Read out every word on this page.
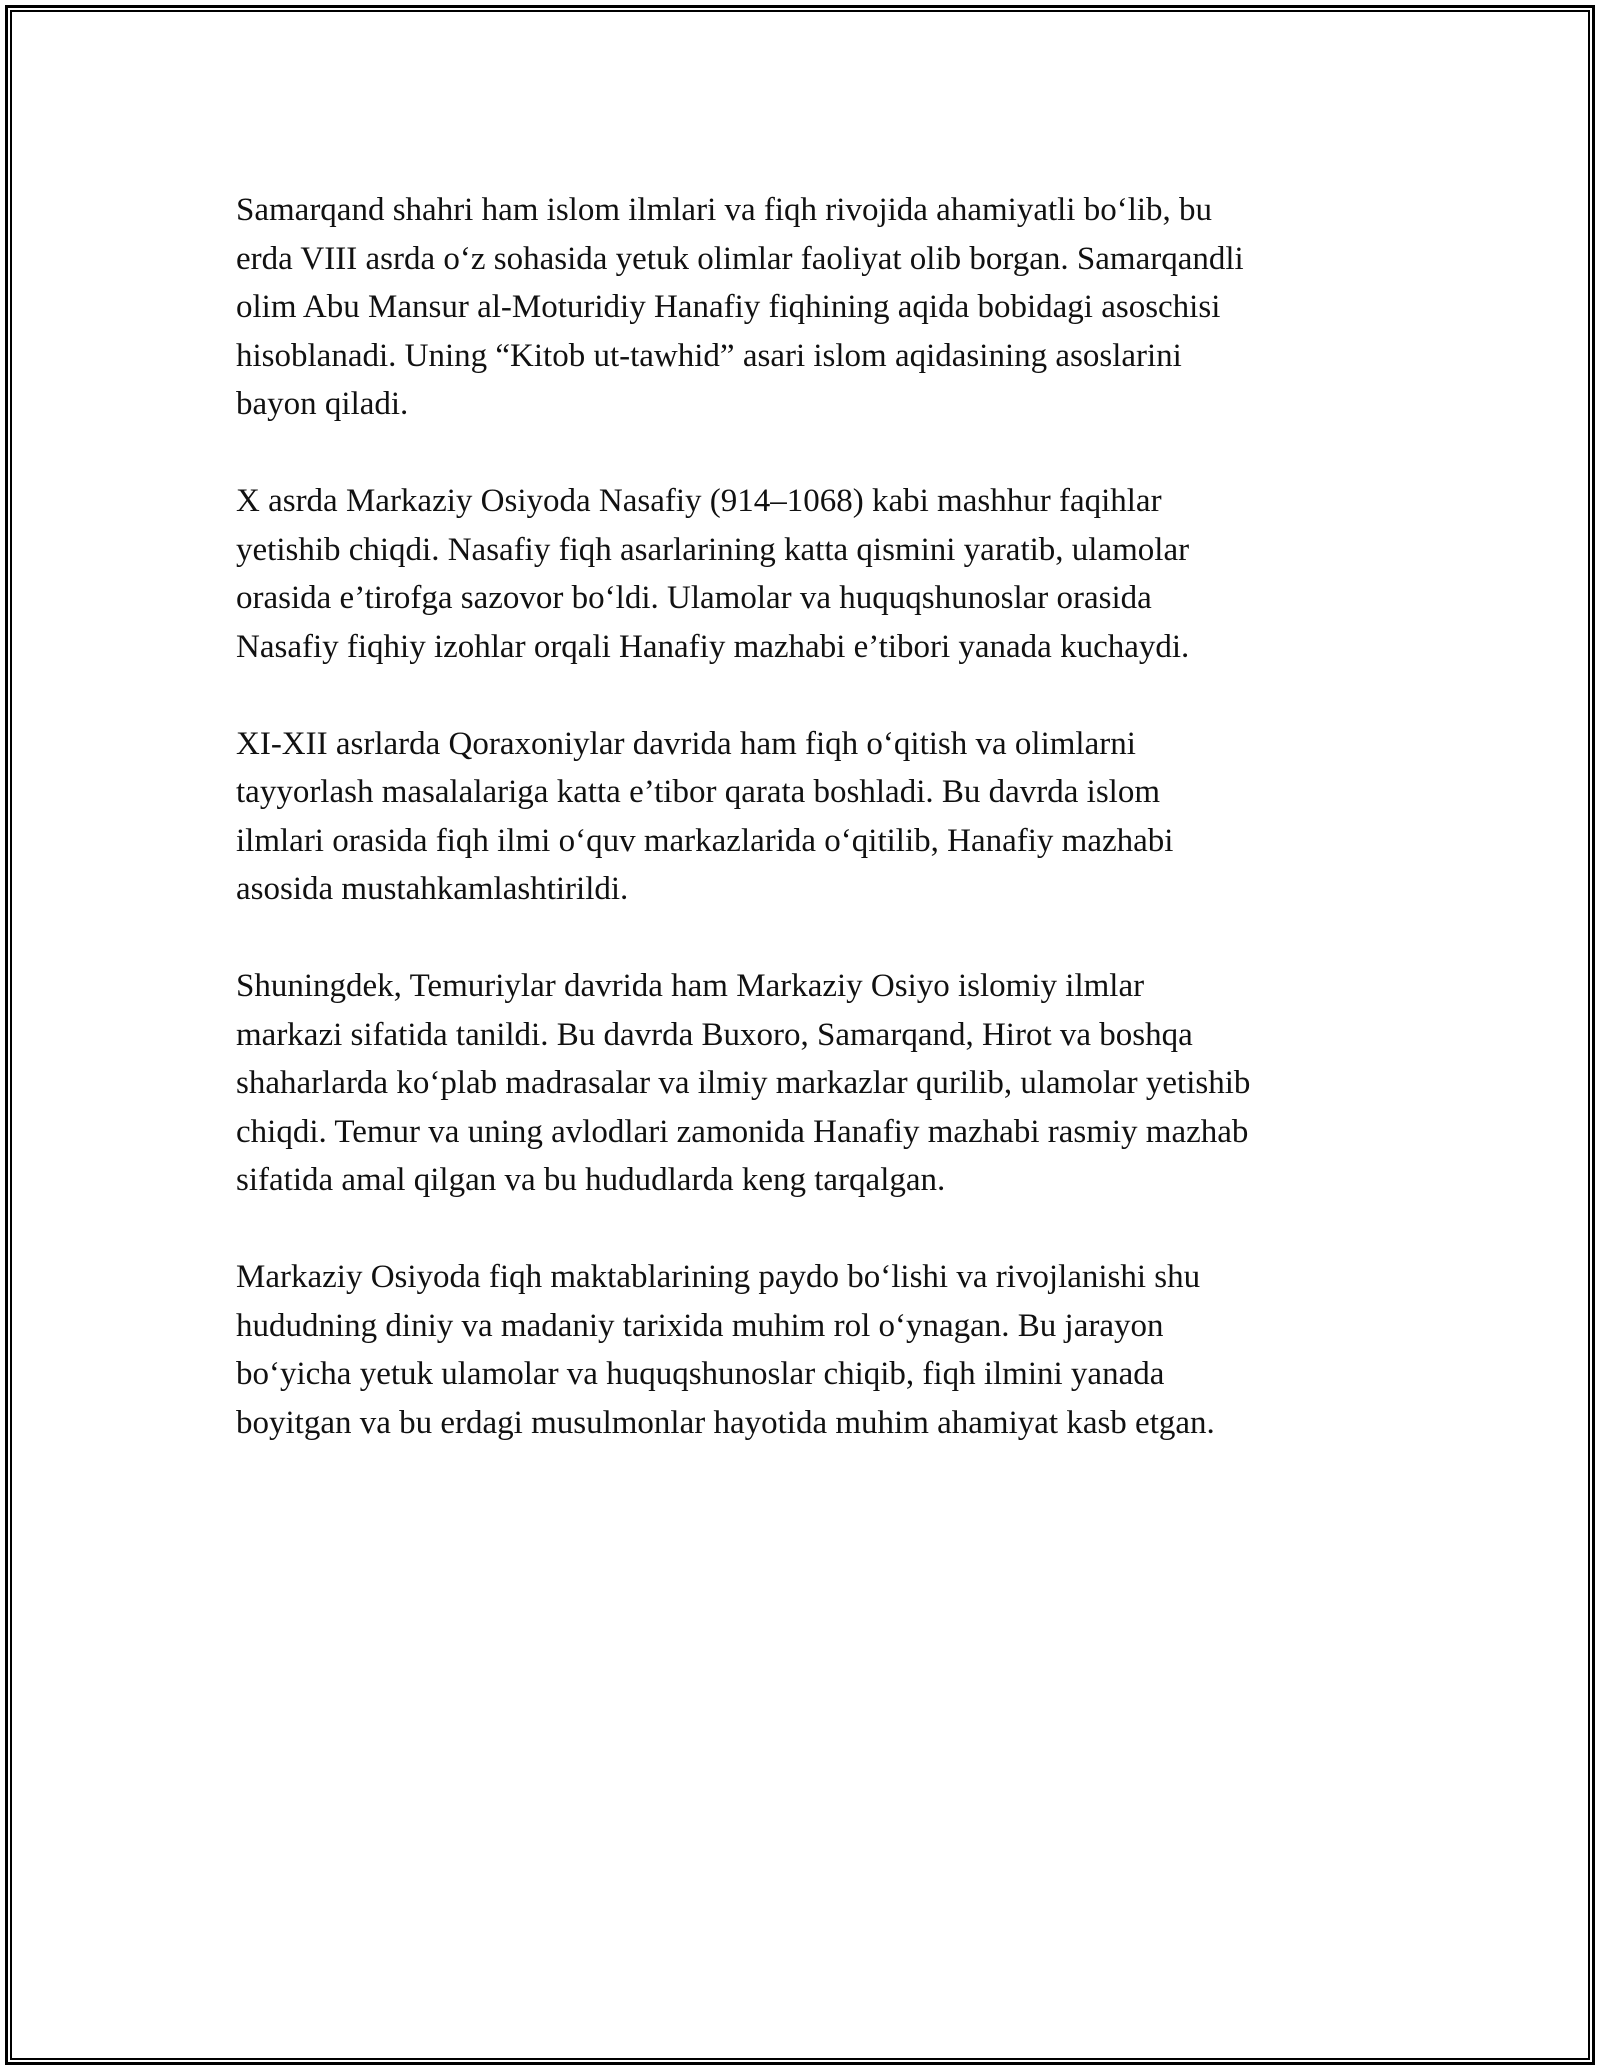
Samarqand shahri ham islom ilmlari va fiqh rivojida ahamiyatli bo‘lib, bu
erda VIII asrda o‘z sohasida yetuk olimlar faoliyat olib borgan. Samarqandli
olim Abu Mansur al-Moturidiy Hanafiy fiqhining aqida bobidagi asoschisi
hisoblanadi. Uning “Kitob ut-tawhid” asari islom aqidasining asoslarini
bayon qiladi.

X asrda Markaziy Osiyoda Nasafiy (914–1068) kabi mashhur faqihlar
yetishib chiqdi. Nasafiy fiqh asarlarining katta qismini yaratib, ulamolar
orasida e’tirofga sazovor bo‘ldi. Ulamolar va huquqshunoslar orasida
Nasafiy fiqhiy izohlar orqali Hanafiy mazhabi e’tibori yanada kuchaydi.

XI-XII asrlarda Qoraxoniylar davrida ham fiqh o‘qitish va olimlarni
tayyorlash masalalariga katta e’tibor qarata boshladi. Bu davrda islom
ilmlari orasida fiqh ilmi o‘quv markazlarida o‘qitilib, Hanafiy mazhabi
asosida mustahkamlashtirildi.

Shuningdek, Temuriylar davrida ham Markaziy Osiyo islomiy ilmlar
markazi sifatida tanildi. Bu davrda Buxoro, Samarqand, Hirot va boshqa
shaharlarda ko‘plab madrasalar va ilmiy markazlar qurilib, ulamolar yetishib
chiqdi. Temur va uning avlodlari zamonida Hanafiy mazhabi rasmiy mazhab
sifatida amal qilgan va bu hududlarda keng tarqalgan.

Markaziy Osiyoda fiqh maktablarining paydo bo‘lishi va rivojlanishi shu
hududning diniy va madaniy tarixida muhim rol o‘ynagan. Bu jarayon
bo‘yicha yetuk ulamolar va huquqshunoslar chiqib, fiqh ilmini yanada
boyitgan va bu erdagi musulmonlar hayotida muhim ahamiyat kasb etgan.
